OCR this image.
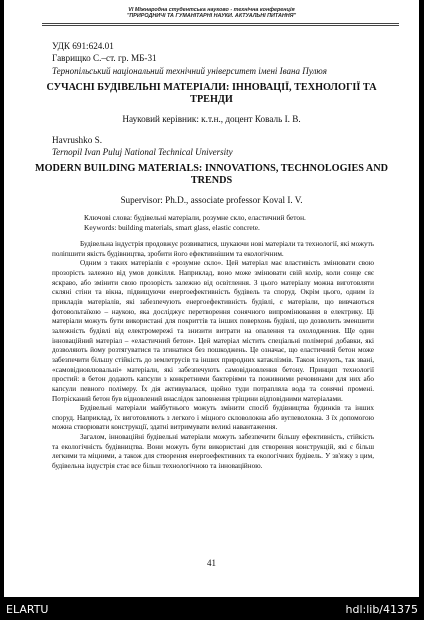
VI Міжнародна студентська науково - технічна конференція
"ПРИРОДНИЧІ ТА ГУМАНІТАРНІ НАУКИ. АКТУАЛЬНІ ПИТАННЯ"
УДК 691:624.01
Гаврищко С.–ст. гр. МБ-31
Тернопільський національний технічний університет імені Івана Пулюя
СУЧАСНІ БУДІВЕЛЬНІ МАТЕРІАЛИ: ІННОВАЦІЇ, ТЕХНОЛОГІЇ ТА ТРЕНДИ
Науковий керівник: к.т.н., доцент Коваль І. В.
Havrushko S.
Ternopil Ivan Puluj National Technical University
MODERN BUILDING MATERIALS: INNOVATIONS, TECHNOLOGIES AND TRENDS
Supervisor: Ph.D., associate professor Koval I. V.
Ключові слова: будівельні матеріали, розумне скло, еластичний бетон.
Keywords: building materials, smart glass, elastic concrete.

Будівельна індустрія продовжує розвиватися, шукаючи нові матеріали та технології, які можуть поліпшити якість будівництва, зробити його ефективнішим та екологічним.

Одним з таких матеріалів є «розумне скло». Цей матеріал має властивість змінювати свою прозорість залежно від умов довкілля. Наприклад, воно може змінювати свій колір, коли сонце сяє яскраво, або змінити свою прозорість залежно від освітлення. З цього матеріалу можна виготовляти скляні стіни та вікна, підвищуючи енергоефективність будівель та споруд. Окрім цього, одним із прикладів матеріалів, які забезпечують енергоефективність будівлі, є матеріали, що вивчаються фотовольтаїкою – наукою, яка досліджує перетворення сонячного випромінювання в електрику. Ці матеріали можуть бути використані для покриттів та інших поверхонь будівлі, що дозволить зменшити залежність будівлі від електромережі та знизити витрати на опалення та охолодження. Ще один інноваційний матеріал – «еластичний бетон». Цей матеріал містить спеціальні полімерні добавки, які дозволяють йому розтягуватися та згинатися без пошкоджень. Це означає, що еластичний бетон може забезпечити більшу стійкість до землетрусів та інших природних катаклізмів. Також існують, так звані, «самовідновлювальні» матеріали, які забезпечують самовідновлення бетону. Принцип технології простий: в бетон додають капсули з конкретними бактеріями та поживними речовинами для них або капсули певного полімеру. Їх дія активувалася, щойно туди потрапляла вода та сонячні промені. Потрісканий бетон був відновлений внаслідок заповнення тріщини відповідними матеріалами.

Будівельні матеріали майбутнього можуть змінити спосіб будівництва будинків та інших споруд. Наприклад, їх виготовляють з легкого і міцного скловолокна або вуглеволокна. З їх допомогою можна створювати конструкції, здатні витримувати великі навантаження.

Загалом, інноваційні будівельні матеріали можуть забезпечити більшу ефективність, стійкість та екологічність будівництва. Вони можуть бути використані для створення конструкцій, які є більш легкими та міцними, а також для створення енергоефективних та екологічних будівель. У зв'язку з цим, будівельна індустрія стає все більш технологічною та інноваційною.

41
ELARTU	hdl:lib/41375
